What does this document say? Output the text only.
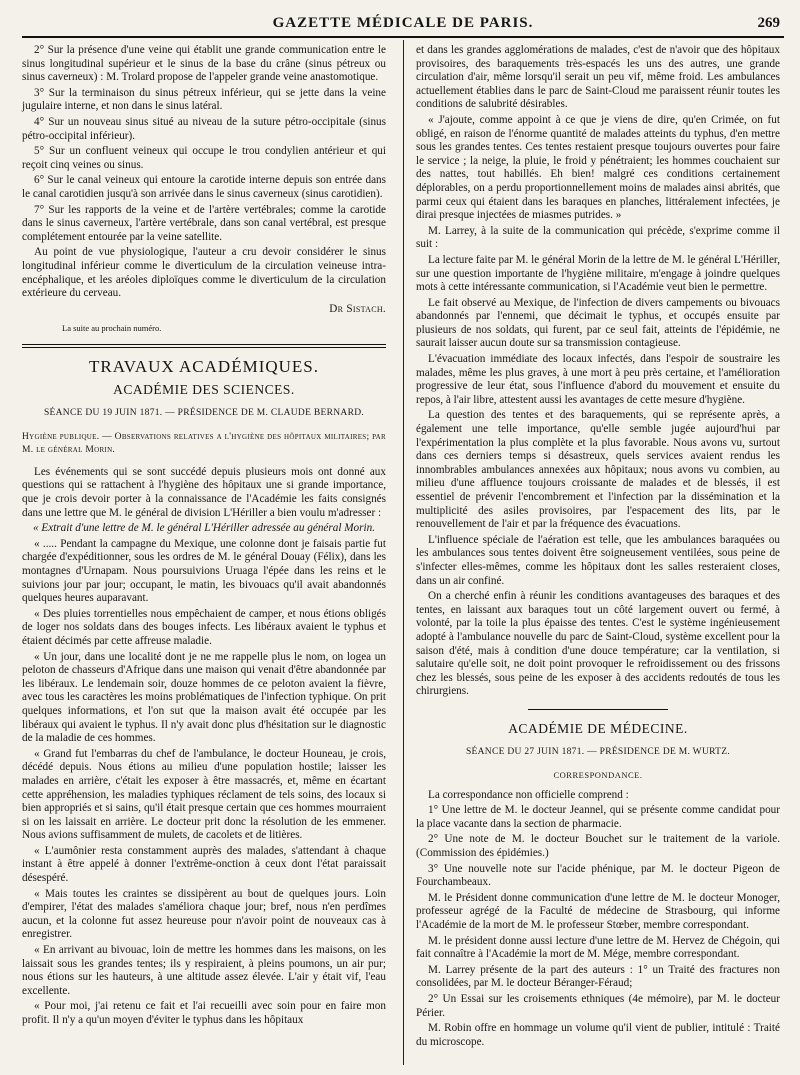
GAZETTE MÉDICALE DE PARIS.	269

2° Sur la présence d'une veine qui établit une grande communication entre le sinus longitudinal supérieur et le sinus de la base du crâne (sinus pétreux ou sinus caverneux) : M. Trolard propose de l'appeler grande veine anastomotique.

3° Sur la terminaison du sinus pétreux inférieur, qui se jette dans la veine jugulaire interne, et non dans le sinus latéral.

4° Sur un nouveau sinus situé au niveau de la suture pétro-occipitale (sinus pétro-occipital inférieur).

5° Sur un confluent veineux qui occupe le trou condylien antérieur et qui reçoit cinq veines ou sinus.

6° Sur le canal veineux qui entoure la carotide interne depuis son entrée dans le canal carotidien jusqu'à son arrivée dans le sinus caverneux (sinus carotidien).

7° Sur les rapports de la veine et de l'artère vertébrales; comme la carotide dans le sinus caverneux, l'artère vertébrale, dans son canal vertébral, est presque complétement entourée par la veine satellite.

Au point de vue physiologique, l'auteur a cru devoir considérer le sinus longitudinal inférieur comme le diverticulum de la circulation veineuse intra-encéphalique, et les aréoles diploïques comme le diverticulum de la circulation extérieure du cerveau.

Dr Sistach.

La suite au prochain numéro.

TRAVAUX ACADÉMIQUES.

ACADÉMIE DES SCIENCES.

SÉANCE DU 19 JUIN 1871. — PRÉSIDENCE DE M. CLAUDE BERNARD.

Hygiène publique. — Observations relatives a l'hygiène des hôpitaux militaires; par M. le général Morin.

Les événements qui se sont succédé depuis plusieurs mois ont donné aux questions qui se rattachent à l'hygiène des hôpitaux une si grande importance, que je crois devoir porter à la connaissance de l'Académie les faits consignés dans une lettre que M. le général de division L'Hériller a bien voulu m'adresser :

« Extrait d'une lettre de M. le général L'Hériller adressée au général Morin.

« ..... Pendant la campagne du Mexique, une colonne dont je faisais partie fut chargée d'expéditionner, sous les ordres de M. le général Douay (Félix), dans les montagnes d'Urnapam. Nous poursuivions Uruaga l'épée dans les reins et le suivions jour par jour; occupant, le matin, les bivouacs qu'il avait abandonnés quelques heures auparavant.

« Des pluies torrentielles nous empêchaient de camper, et nous étions obligés de loger nos soldats dans des bouges infects. Les libéraux avaient le typhus et étaient décimés par cette affreuse maladie.

« Un jour, dans une localité dont je ne me rappelle plus le nom, on logea un peloton de chasseurs d'Afrique dans une maison qui venait d'être abandonnée par les libéraux. Le lendemain soir, douze hommes de ce peloton avaient la fièvre, avec tous les caractères les moins problématiques de l'infection typhique. On prit quelques informations, et l'on sut que la maison avait été occupée par les libéraux qui avaient le typhus. Il n'y avait donc plus d'hésitation sur le diagnostic de la maladie de ces hommes.

« Grand fut l'embarras du chef de l'ambulance, le docteur Houneau, je crois, décédé depuis. Nous étions au milieu d'une population hostile; laisser les malades en arrière, c'était les exposer à être massacrés, et, même en écartant cette appréhension, les maladies typhiques réclament de tels soins, des locaux si bien appropriés et si sains, qu'il était presque certain que ces hommes mourraient si on les laissait en arrière. Le docteur prit donc la résolution de les emmener. Nous avions suffisamment de mulets, de cacolets et de litières.

« L'aumônier resta constamment auprès des malades, s'attendant à chaque instant à être appelé à donner l'extrême-onction à ceux dont l'état paraissait désespéré.

« Mais toutes les craintes se dissipèrent au bout de quelques jours. Loin d'empirer, l'état des malades s'améliora chaque jour; bref, nous n'en perdîmes aucun, et la colonne fut assez heureuse pour n'avoir point de nouveaux cas à enregistrer.

« En arrivant au bivouac, loin de mettre les hommes dans les maisons, on les laissait sous les grandes tentes; ils y respiraient, à pleins poumons, un air pur; nous étions sur les hauteurs, à une altitude assez élevée. L'air y était vif, l'eau excellente.

« Pour moi, j'ai retenu ce fait et l'ai recueilli avec soin pour en faire mon profit. Il n'y a qu'un moyen d'éviter le typhus dans les hôpitaux

et dans les grandes agglomérations de malades, c'est de n'avoir que des hôpitaux provisoires, des baraquements très-espacés les uns des autres, une grande circulation d'air, même lorsqu'il serait un peu vif, même froid. Les ambulances actuellement établies dans le parc de Saint-Cloud me paraissent réunir toutes les conditions de salubrité désirables.

« J'ajoute, comme appoint à ce que je viens de dire, qu'en Crimée, on fut obligé, en raison de l'énorme quantité de malades atteints du typhus, d'en mettre sous les grandes tentes. Ces tentes restaient presque toujours ouvertes pour faire le service ; la neige, la pluie, le froid y pénétraient; les hommes couchaient sur des nattes, tout habillés. Eh bien! malgré ces conditions certainement déplorables, on a perdu proportionnellement moins de malades ainsi abrités, que parmi ceux qui étaient dans les baraques en planches, littéralement infectées, je dirai presque injectées de miasmes putrides. »

M. Larrey, à la suite de la communication qui précède, s'exprime comme il suit :

La lecture faite par M. le général Morin de la lettre de M. le général L'Hériller, sur une question importante de l'hygiène militaire, m'engage à joindre quelques mots à cette intéressante communication, si l'Académie veut bien le permettre.

Le fait observé au Mexique, de l'infection de divers campements ou bivouacs abandonnés par l'ennemi, que décimait le typhus, et occupés ensuite par plusieurs de nos soldats, qui furent, par ce seul fait, atteints de l'épidémie, ne saurait laisser aucun doute sur sa transmission contagieuse.

L'évacuation immédiate des locaux infectés, dans l'espoir de soustraire les malades, même les plus graves, à une mort à peu près certaine, et l'amélioration progressive de leur état, sous l'influence d'abord du mouvement et ensuite du repos, à l'air libre, attestent aussi les avantages de cette mesure d'hygiène.

La question des tentes et des baraquements, qui se représente après, a également une telle importance, qu'elle semble jugée aujourd'hui par l'expérimentation la plus complète et la plus favorable. Nous avons vu, surtout dans ces derniers temps si désastreux, quels services avaient rendus les innombrables ambulances annexées aux hôpitaux; nous avons vu combien, au milieu d'une affluence toujours croissante de malades et de blessés, il est essentiel de prévenir l'encombrement et l'infection par la dissémination et la multiplicité des asiles provisoires, par l'espacement des lits, par le renouvellement de l'air et par la fréquence des évacuations.

L'influence spéciale de l'aération est telle, que les ambulances baraquées ou les ambulances sous tentes doivent être soigneusement ventilées, sous peine de s'infecter elles-mêmes, comme les hôpitaux dont les salles resteraient closes, dans un air confiné.

On a cherché enfin à réunir les conditions avantageuses des baraques et des tentes, en laissant aux baraques tout un côté largement ouvert ou fermé, à volonté, par la toile la plus épaisse des tentes. C'est le système ingénieusement adopté à l'ambulance nouvelle du parc de Saint-Cloud, système excellent pour la saison d'été, mais à condition d'une douce température; car la ventilation, si salutaire qu'elle soit, ne doit point provoquer le refroidissement ou des frissons chez les blessés, sous peine de les exposer à des accidents redoutés de tous les chirurgiens.

ACADÉMIE DE MÉDECINE.

SÉANCE DU 27 JUIN 1871. — PRÉSIDENCE DE M. WURTZ.

CORRESPONDANCE.

La correspondance non officielle comprend :

1° Une lettre de M. le docteur Jeannel, qui se présente comme candidat pour la place vacante dans la section de pharmacie.

2° Une note de M. le docteur Bouchet sur le traitement de la variole. (Commission des épidémies.)

3° Une nouvelle note sur l'acide phénique, par M. le docteur Pigeon de Fourchambeaux.

M. le Président donne communication d'une lettre de M. le docteur Monoger, professeur agrégé de la Faculté de médecine de Strasbourg, qui informe l'Académie de la mort de M. le professeur Stœber, membre correspondant.

M. le président donne aussi lecture d'une lettre de M. Hervez de Chégoin, qui fait connaître à l'Académie la mort de M. Mége, membre correspondant.

M. Larrey présente de la part des auteurs : 1° un Traité des fractures non consolidées, par M. le docteur Béranger-Féraud;

2° Un Essai sur les croisements ethniques (4e mémoire), par M. le docteur Périer.

M. Robin offre en hommage un volume qu'il vient de publier, intitulé : Traité du microscope.
